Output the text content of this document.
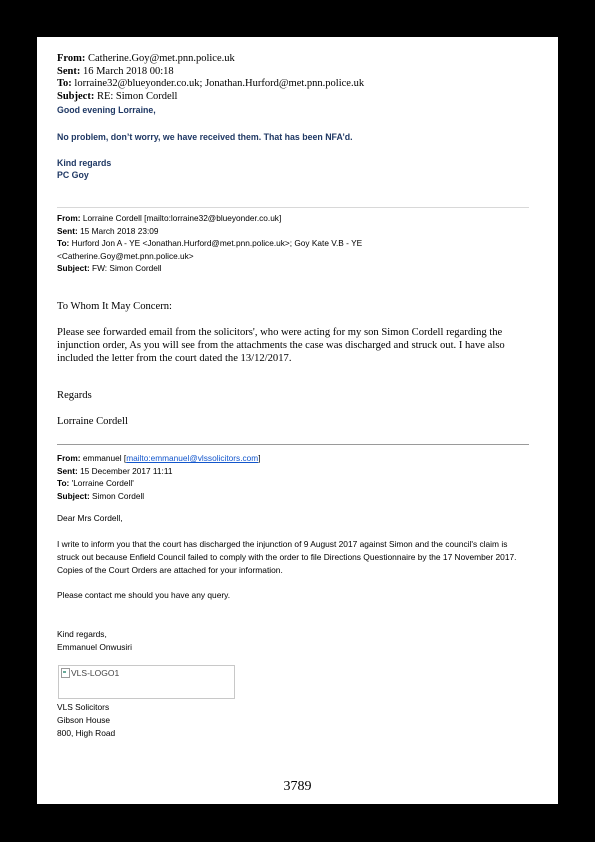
From: Catherine.Goy@met.pnn.police.uk
Sent: 16 March 2018 00:18
To: lorraine32@blueyonder.co.uk; Jonathan.Hurford@met.pnn.police.uk
Subject: RE: Simon Cordell
Good evening Lorraine,
No problem, don’t worry, we have received them. That has been NFA’d.
Kind regards
PC Goy
From: Lorraine Cordell [mailto:lorraine32@blueyonder.co.uk]
Sent: 15 March 2018 23:09
To: Hurford Jon A - YE <Jonathan.Hurford@met.pnn.police.uk>; Goy Kate V.B - YE
<Catherine.Goy@met.pnn.police.uk>
Subject: FW: Simon Cordell
To Whom It May Concern:
Please see forwarded email from the solicitors', who were acting for my son Simon Cordell regarding the injunction order, As you will see from the attachments the case was discharged and struck out. I have also included the letter from the court dated the 13/12/2017.
Regards
Lorraine Cordell
From: emmanuel [mailto:emmanuel@vlssolicitors.com]
Sent: 15 December 2017 11:11
To: 'Lorraine Cordell'
Subject: Simon Cordell
Dear Mrs Cordell,
I write to inform you that the court has discharged the injunction of 9 August 2017 against Simon and the council's claim is struck out because Enfield Council failed to comply with the order to file Directions Questionnaire by the 17 November 2017. Copies of the Court Orders are attached for your information.
Please contact me should you have any query.
Kind regards,
Emmanuel Onwusiri
VLS-LOGO1
VLS Solicitors
Gibson House
800, High Road
3789
